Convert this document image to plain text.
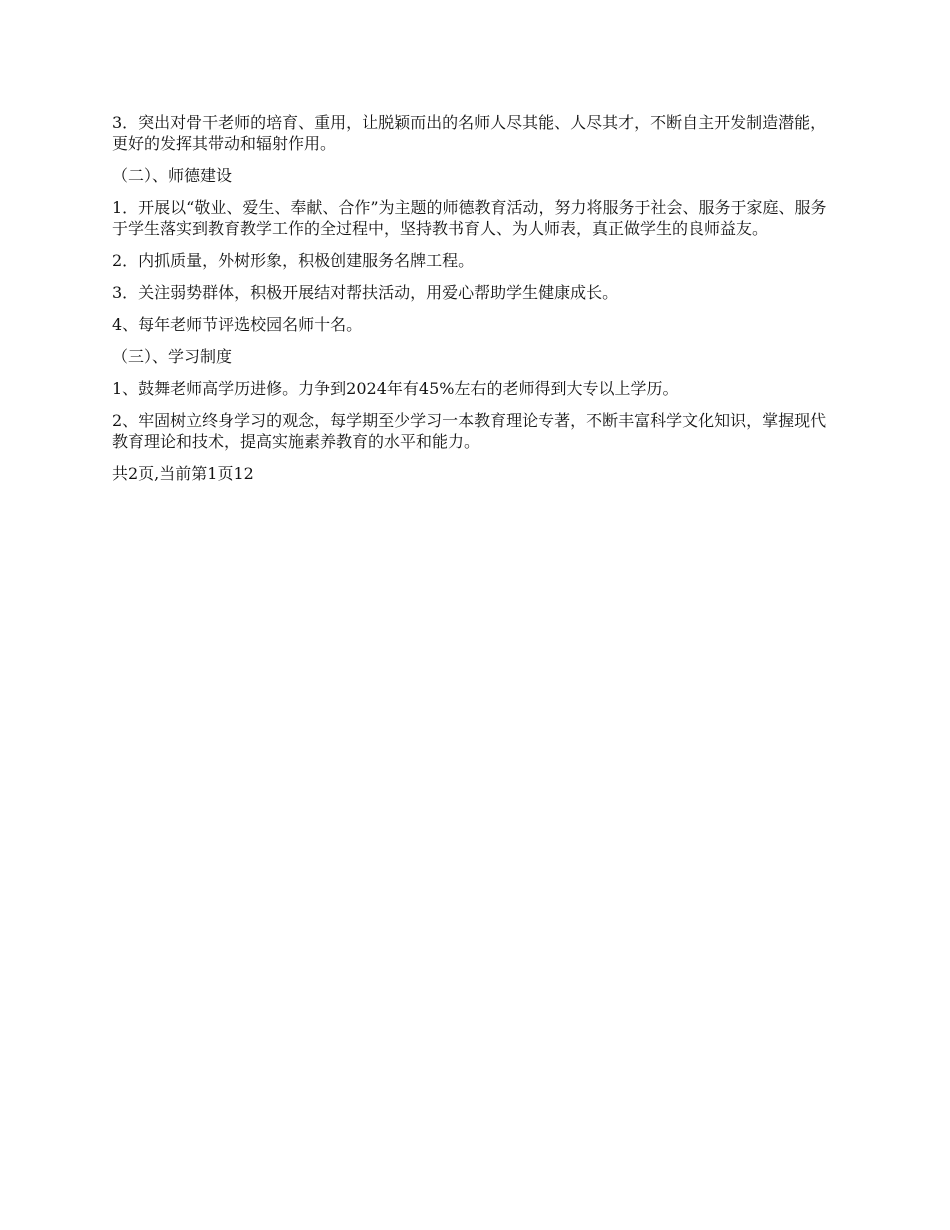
3．突出对骨干老师的培育、重用，让脱颖而出的名师人尽其能、人尽其才，不断自主开发制造潜能，更好的发挥其带动和辐射作用。

（二）、师德建设

1．开展以“敬业、爱生、奉献、合作”为主题的师德教育活动，努力将服务于社会、服务于家庭、服务于学生落实到教育教学工作的全过程中，坚持教书育人、为人师表，真正做学生的良师益友。

2．内抓质量，外树形象，积极创建服务名牌工程。

3．关注弱势群体，积极开展结对帮扶活动，用爱心帮助学生健康成长。

4、每年老师节评选校园名师十名。

（三）、学习制度

1、鼓舞老师高学历进修。力争到2024年有45%左右的老师得到大专以上学历。

2、牢固树立终身学习的观念，每学期至少学习一本教育理论专著，不断丰富科学文化知识，掌握现代教育理论和技术，提高实施素养教育的水平和能力。

共2页,当前第1页12
